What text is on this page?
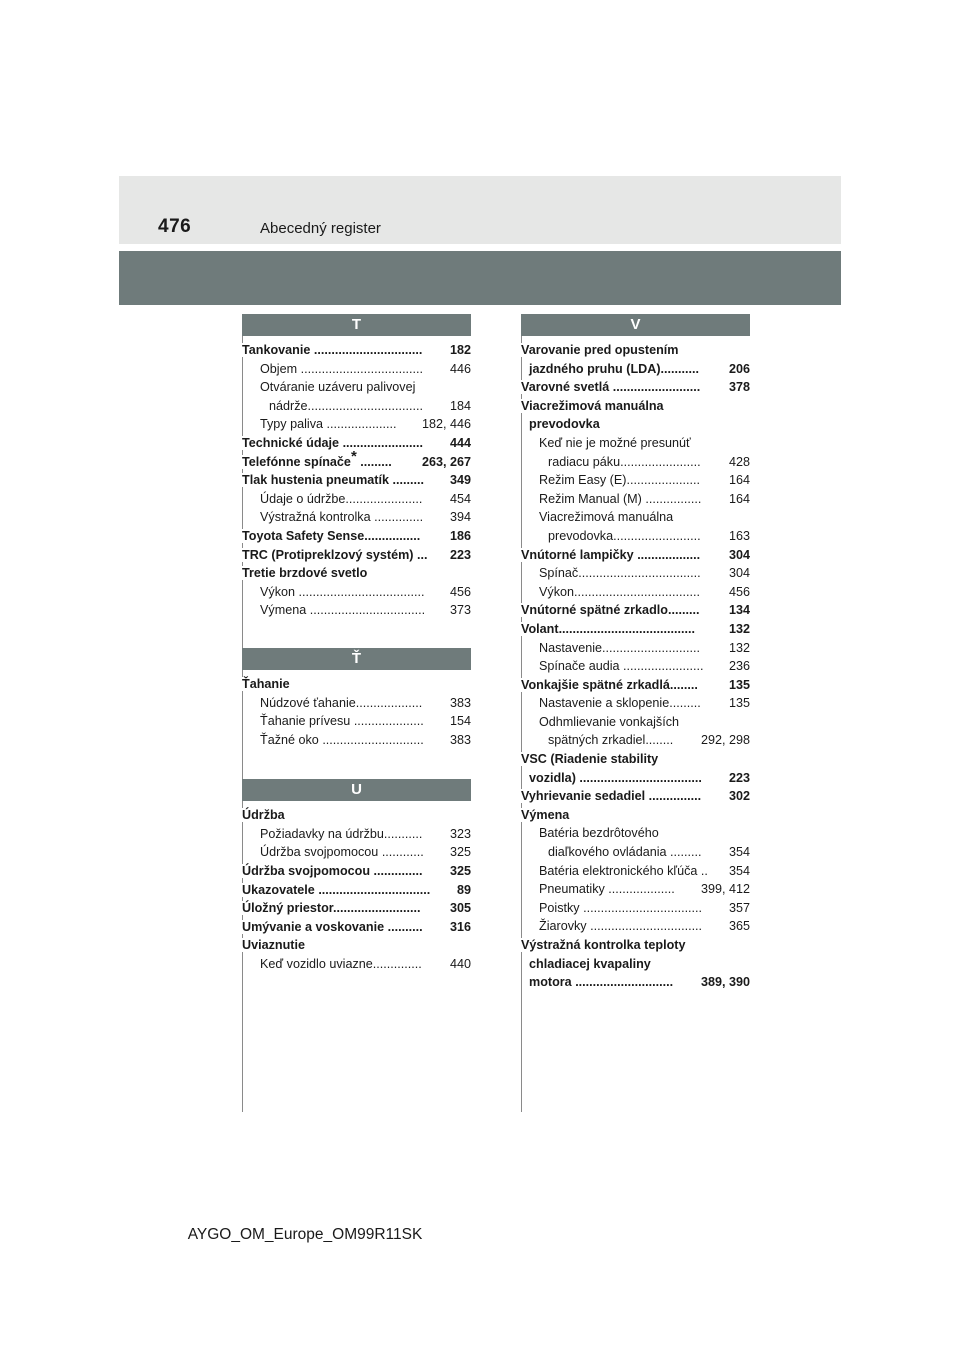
476	Abecedný register
T
Tankovanie ............................... 182
Objem ................................... 446
Otváranie uzáveru palivovej
nádrže................................. 184
Typy paliva .................... 182, 446
Technické údaje ....................... 444
Telefónne spínače* ......... 263, 267
Tlak hustenia pneumatík ......... 349
Údaje o údržbe...................... 454
Výstražná kontrolka .............. 394
Toyota Safety Sense................ 186
TRC (Protipreklzový systém) ... 223
Tretie brzdové svetlo
Výkon .................................... 456
Výmena ................................. 373
Ť
Ťahanie
Núdzové ťahanie................... 383
Ťahanie prívesu .................... 154
Ťažné oko ............................. 383
U
Údržba
Požiadavky na údržbu........... 323
Údržba svojpomocou ............ 325
Údržba svojpomocou .............. 325
Ukazovatele ................................ 89
Úložný priestor......................... 305
Umývanie a voskovanie .......... 316
Uviaznutie
Keď vozidlo uviazne.............. 440
V
Varovanie pred opustením
jazdného pruhu (LDA)........... 206
Varovné svetlá ......................... 378
Viacrežimová manuálna
prevodovka
Keď nie je možné presunúť
radiacu páku....................... 428
Režim Easy (E)..................... 164
Režim Manual (M) ................ 164
Viacrežimová manuálna
prevodovka......................... 163
Vnútorné lampičky .................. 304
Spínač................................... 304
Výkon.................................... 456
Vnútorné spätné zrkadlo......... 134
Volant.......................................	132
Nastavenie............................ 132
Spínače audia ....................... 236
Vonkajšie spätné zrkadlá........ 135
Nastavenie a sklopenie......... 135
Odhmlievanie vonkajších
spätných zrkadiel........ 292, 298
VSC (Riadenie stability
vozidla) ................................... 223
Vyhrievanie sedadiel ............... 302
Výmena
Batéria bezdrôtového
diaľkového ovládania ......... 354
Batéria elektronického kľúča .. 354
Pneumatiky ................... 399, 412
Poistky .................................. 357
Žiarovky ................................ 365
Výstražná kontrolka teploty
chladiacej kvapaliny
motora ............................ 389, 390
AYGO_OM_Europe_OM99R11SK
